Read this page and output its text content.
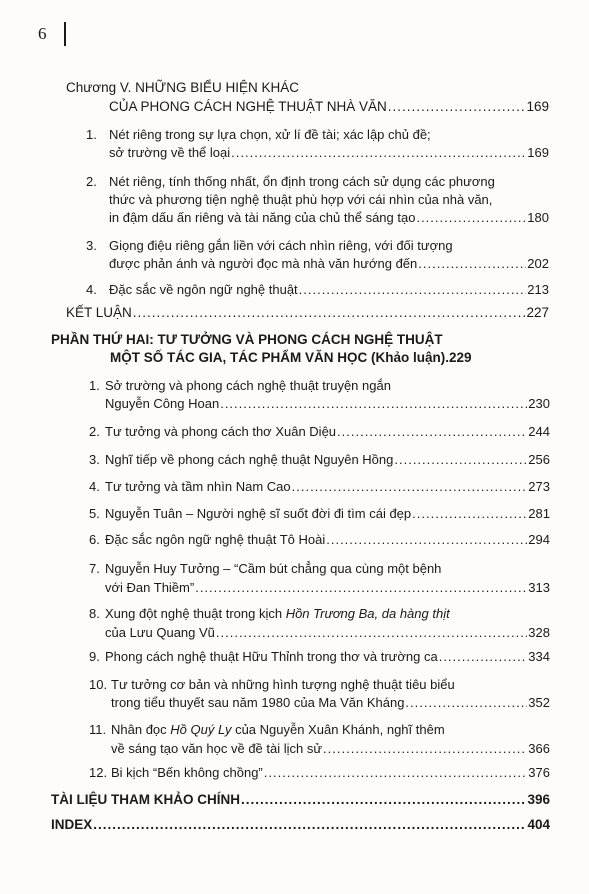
6
Chương V. NHỮNG BIỂU HIỆN KHÁC
CỦA PHONG CÁCH NGHỆ THUẬT NHÀ VĂN .....	169
1. Nét riêng trong sự lựa chọn, xử lí đề tài; xác lập chủ đề;
sở trường về thể loại .....	169
2. Nét riêng, tính thống nhất, ổn định trong cách sử dụng các phương
thức và phương tiện nghệ thuật phù hợp với cái nhìn của nhà văn,
in đậm dấu ấn riêng và tài năng của chủ thể sáng tạo .....	180
3. Giọng điệu riêng gắn liền với cách nhìn riêng, với đối tượng
được phản ánh và người đọc mà nhà văn hướng đến .....	202
4. Đặc sắc về ngôn ngữ nghệ thuật .....	213
KẾT LUẬN .....	227
PHẦN THỨ HAI: TƯ TƯỞNG VÀ PHONG CÁCH NGHỆ THUẬT
MỘT SỐ TÁC GIA, TÁC PHẨM VĂN HỌC (Khảo luận). 229
1. Sở trường và phong cách nghệ thuật truyện ngắn
Nguyễn Công Hoan .....	230
2. Tư tưởng và phong cách thơ Xuân Diệu .....	244
3. Nghĩ tiếp về phong cách nghệ thuật Nguyên Hồng .....	256
4. Tư tưởng và tầm nhìn Nam Cao .....	273
5. Nguyễn Tuân – Người nghệ sĩ suốt đời đi tìm cái đẹp .....	281
6. Đặc sắc ngôn ngữ nghệ thuật Tô Hoài .....	294
7. Nguyễn Huy Tưởng – “Cầm bút chẳng qua cùng một bệnh
với Đan Thiềm” .....	313
8. Xung đột nghệ thuật trong kịch Hồn Trương Ba, da hàng thịt
của Lưu Quang Vũ .....	328
9. Phong cách nghệ thuật Hữu Thỉnh trong thơ và trường ca .....	334
10. Tư tưởng cơ bản và những hình tượng nghệ thuật tiêu biểu
trong tiểu thuyết sau năm 1980 của Ma Văn Kháng .....	352
11. Nhân đọc Hồ Quý Ly của Nguyễn Xuân Khánh, nghĩ thêm
về sáng tạo văn học về đề tài lịch sử .....	366
12. Bi kịch “Bến không chồng” .....	376
TÀI LIỆU THAM KHẢO CHÍNH .....	396
INDEX .....	404
